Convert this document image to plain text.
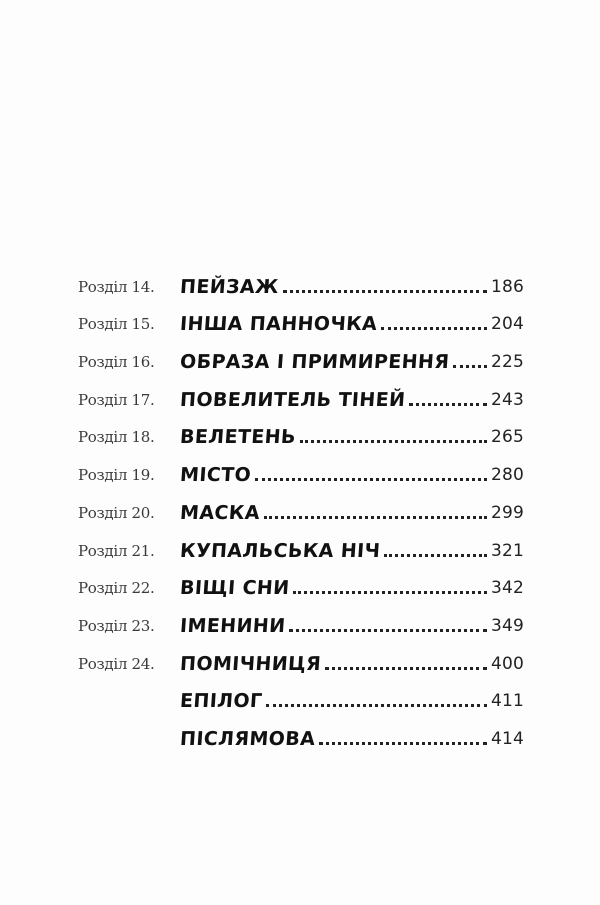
Розділ 14.	ПЕЙЗАЖ	186
Розділ 15.	ІНША ПАННОЧКА	204
Розділ 16.	ОБРАЗА І ПРИМИРЕННЯ 225
Розділ 17.	ПОВЕЛИТЕЛЬ ТІНЕЙ	243
Розділ 18.	ВЕЛЕТЕНЬ	265
Розділ 19.	МІСТО	280
Розділ 20.	МАСКА	299
Розділ 21.	КУПАЛЬСЬКА НІЧ	321
Розділ 22.	ВІЩІ СНИ	342
Розділ 23.	ІМЕНИНИ	349
Розділ 24.	ПОМІЧНИЦЯ	400
ЕПІЛОГ	411
ПІСЛЯМОВА	414
